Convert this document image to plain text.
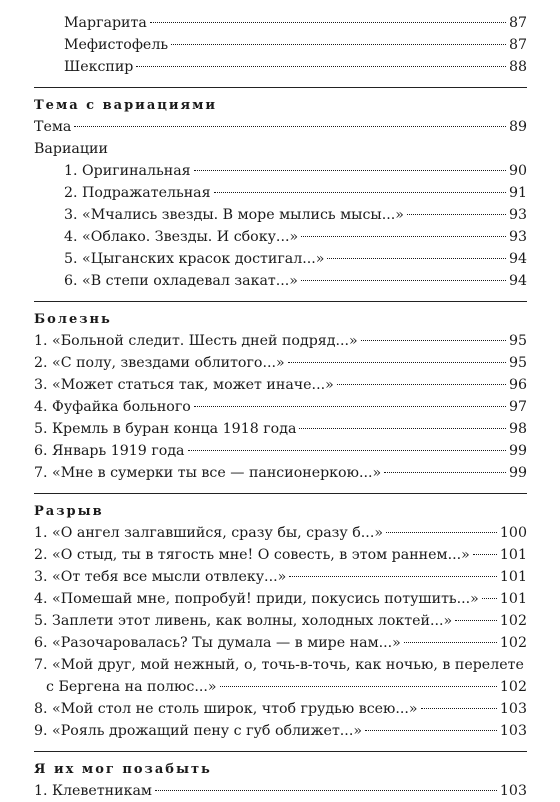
Маргарита	87
Мефистофель	87
Шекспир	88
Тема с вариациями
Тема	89
Вариации
1. Оригинальная	90
2. Подражательная	91
3. «Мчались звезды. В море мылись мысы...»	93
4. «Облако. Звезды. И сбоку...»	93
5. «Цыганских красок достигал...»	94
6. «В степи охладевал закат...»	94
Болезнь
1. «Больной следит. Шесть дней подряд...»	95
2. «С полу, звездами облитого...»	95
3. «Может статься так, может иначе...»	96
4. Фуфайка больного	97
5. Кремль в буран конца 1918 года	98
6. Январь 1919 года	99
7. «Мне в сумерки ты все — пансионеркою...»	99
Разрыв
1. «О ангел залгавшийся, сразу бы, сразу б...»	100
2. «О стыд, ты в тягость мне! О совесть, в этом раннем...» 101
3. «От тебя все мысли отвлеку...»	101
4. «Помешай мне, попробуй! приди, покусись потушить...» 101
5. Заплети этот ливень, как волны, холодных локтей...»	102
6. «Разочаровалась? Ты думала — в мире нам...»	102
7. «Мой друг, мой нежный, о, точь-в-точь, как ночью, в перелете
с Бергена на полюс...»	102
8. «Мой стол не столь широк, чтоб грудью всею...»	103
9. «Рояль дрожащий пену с губ оближет...»	103
Я их мог позабыть
1. Клеветникам	103
